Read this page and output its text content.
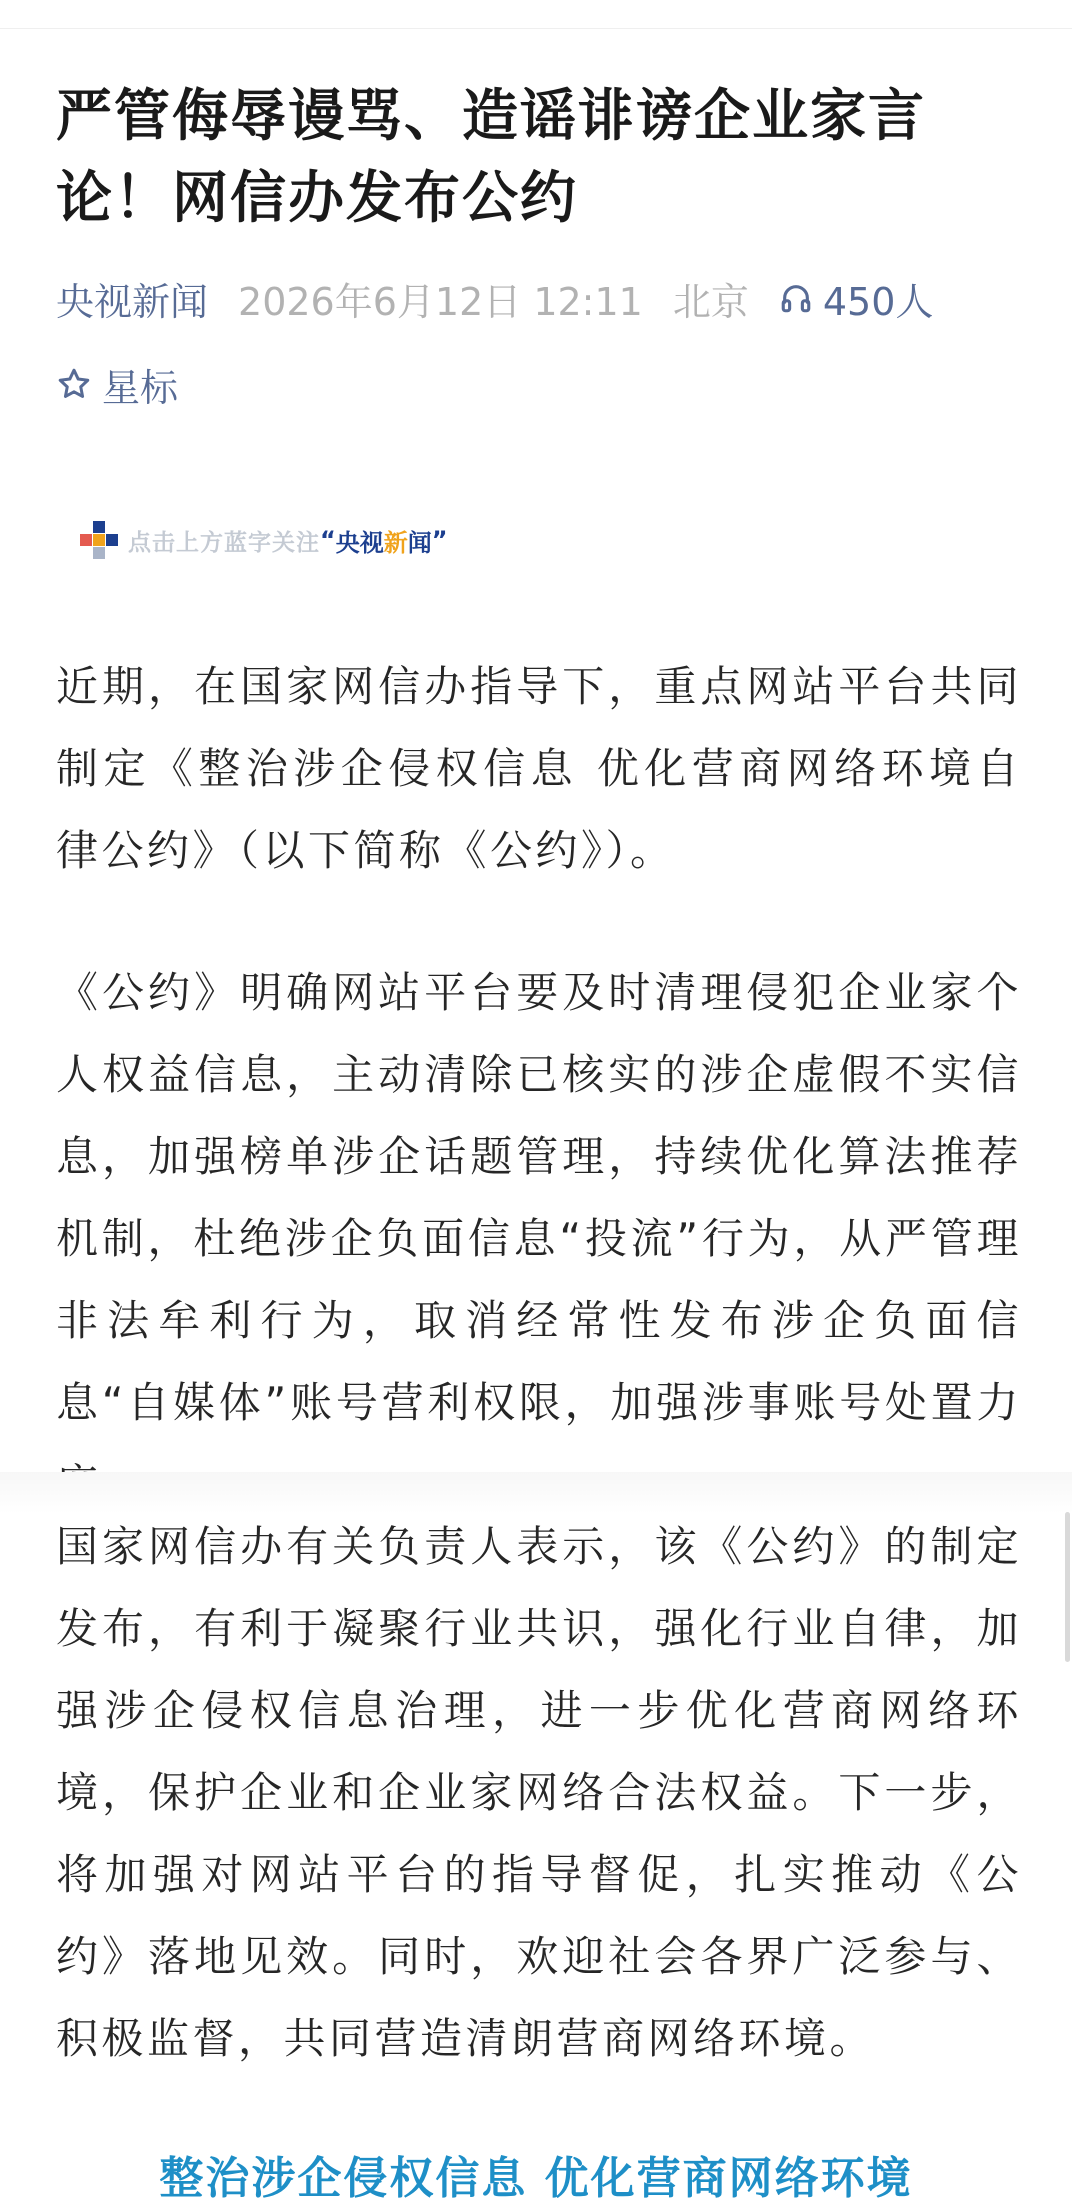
严管侮辱谩骂、造谣诽谤企业家言论！网信办发布公约
央视新闻 2026年6月12日 12:11 北京 450人
星标
点击上方蓝字关注 “ 央视新闻 ”

近期，在国家网信办指导下，重点网站平台共同制定《整治涉企侵权信息 优化营商网络环境自律公约》（以下简称《公约》）。

《公约》明确网站平台要及时清理侵犯企业家个人权益信息，主动清除已核实的涉企虚假不实信息，加强榜单涉企话题管理，持续优化算法推荐机制，杜绝涉企负面信息“投流”行为，从严管理非法牟利行为，取消经常性发布涉企负面信息“自媒体”账号营利权限，加强涉事账号处置力

国家网信办有关负责人表示，该《公约》的制定发布，有利于凝聚行业共识，强化行业自律，加强涉企侵权信息治理，进一步优化营商网络环境，保护企业和企业家网络合法权益。下一步，将加强对网站平台的指导督促，扎实推动《公约》落地见效。同时，欢迎社会各界广泛参与、积极监督，共同营造清朗营商网络环境。

整治涉企侵权信息 优化营商网络环境
